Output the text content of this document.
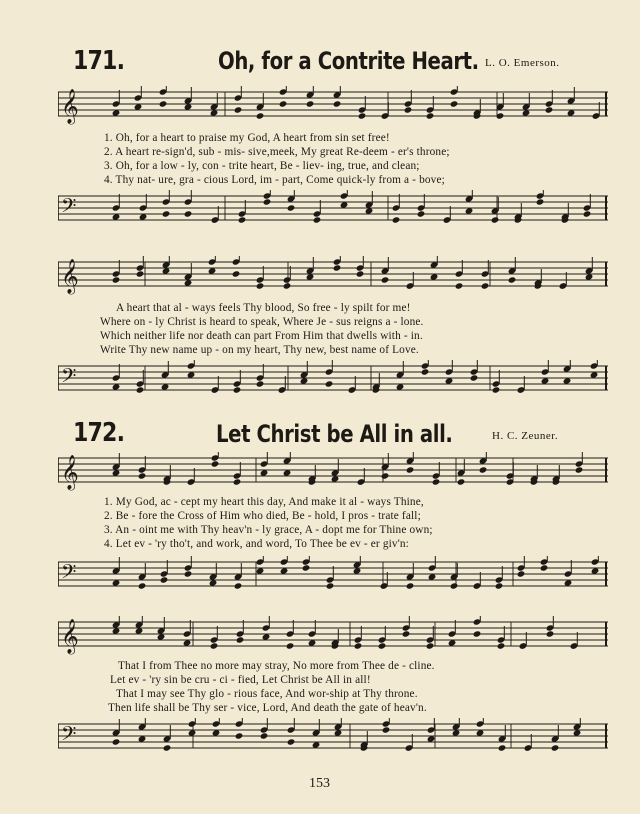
171.	Oh, for a Contrite Heart. L. O. Emerson.
𝄞
𝄢
1. Oh, for a heart to praise my God, A heart from sin set free!
2. A heart re-sign'd, sub - mis- sive,meek, My great Re-deem - er's throne;
3. Oh, for a low - ly, con - trite heart, Be - liev- ing, true, and clean;
4. Thy nat- ure, gra - cious Lord, im - part, Come quick-ly from a - bove;
𝄞
𝄢
A heart that al - ways feels Thy blood, So free - ly spilt for me!
Where on - ly Christ is heard to speak, Where Je - sus reigns a - lone.
Which neither life nor death can part From Him that dwells with - in.
Write Thy new name up - on my heart, Thy new, best name of Love.
172.	Let Christ be All in all.	H. C. Zeuner.
𝄞
𝄢
1. My God, ac - cept my heart this day, And make it al - ways Thine,
2. Be - fore the Cross of Him who died, Be - hold, I pros - trate fall;
3. An - oint me with Thy heav'n - ly grace, A - dopt me for Thine own;
4. Let ev - 'ry tho't, and work, and word, To Thee be ev - er giv'n:
𝄞
𝄢
That I from Thee no more may stray, No more from Thee de - cline.
Let ev - 'ry sin be cru - ci - fied, Let Christ be All in all!
That I may see Thy glo - rious face, And wor-ship at Thy throne.
Then life shall be Thy ser - vice, Lord, And death the gate of heav'n.
153
